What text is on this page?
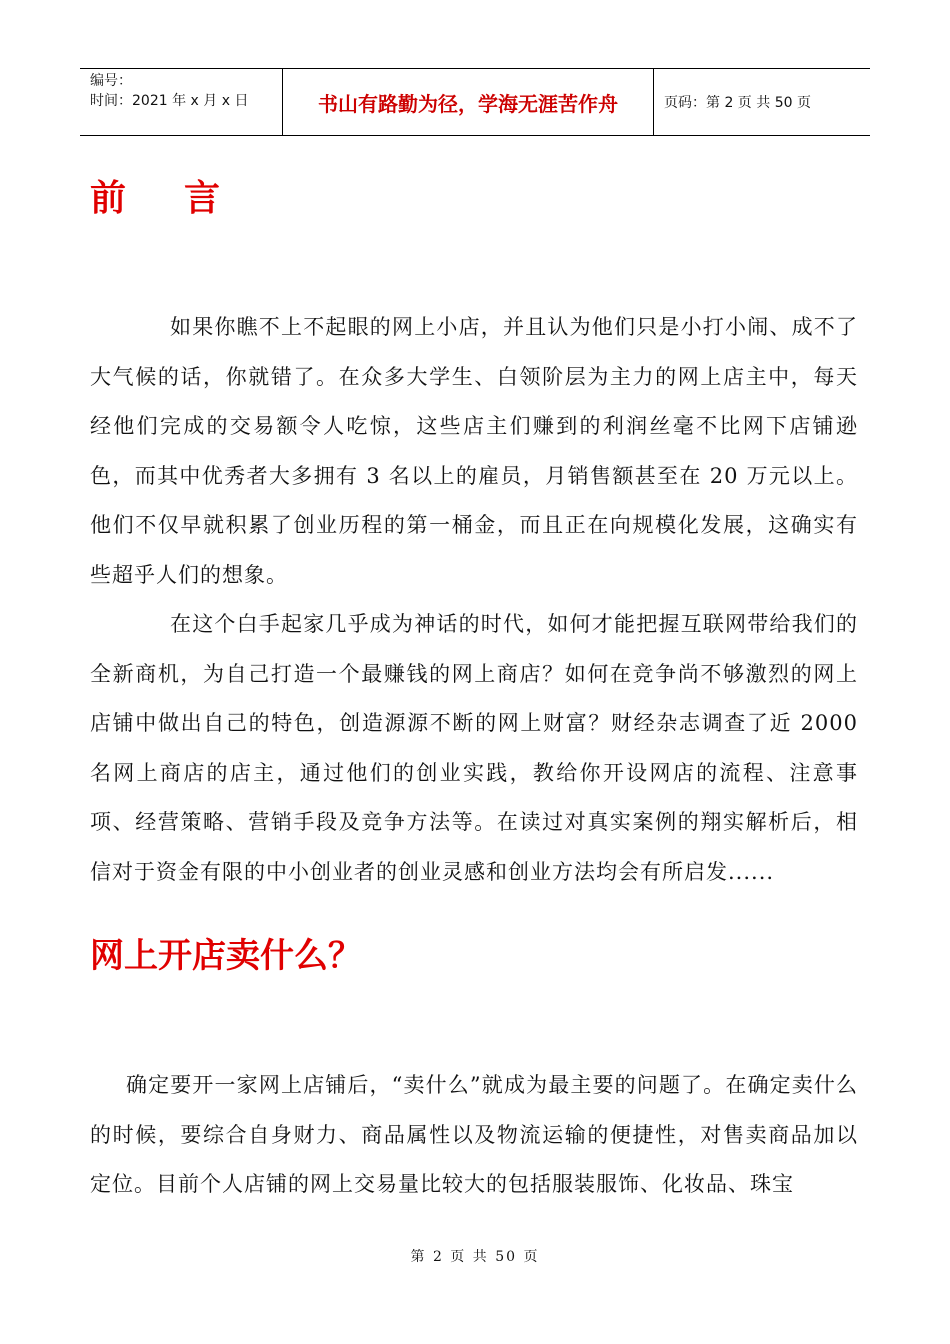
编号：
时间：2021 年 x 月 x 日	书山有路勤为径，学海无涯苦作舟	页码：第 2 页 共 50 页
前言

如果你瞧不上不起眼的网上小店，并且认为他们只是小打小闹、成不了大气候的话，你就错了。在众多大学生、白领阶层为主力的网上店主中，每天经他们完成的交易额令人吃惊，这些店主们赚到的利润丝毫不比网下店铺逊色，而其中优秀者大多拥有 3 名以上的雇员，月销售额甚至在 20 万元以上。他们不仅早就积累了创业历程的第一桶金，而且正在向规模化发展，这确实有些超乎人们的想象。

在这个白手起家几乎成为神话的时代，如何才能把握互联网带给我们的全新商机，为自己打造一个最赚钱的网上商店？如何在竞争尚不够激烈的网上店铺中做出自己的特色，创造源源不断的网上财富？财经杂志调查了近 2000 名网上商店的店主，通过他们的创业实践，教给你开设网店的流程、注意事项、经营策略、营销手段及竞争方法等。在读过对真实案例的翔实解析后，相信对于资金有限的中小创业者的创业灵感和创业方法均会有所启发......

网上开店卖什么？

确定要开一家网上店铺后，“卖什么”就成为最主要的问题了。在确定卖什么的时候，要综合自身财力、商品属性以及物流运输的便捷性，对售卖商品加以定位。目前个人店铺的网上交易量比较大的包括服装服饰、化妆品、珠宝

第 2 页 共 50 页
